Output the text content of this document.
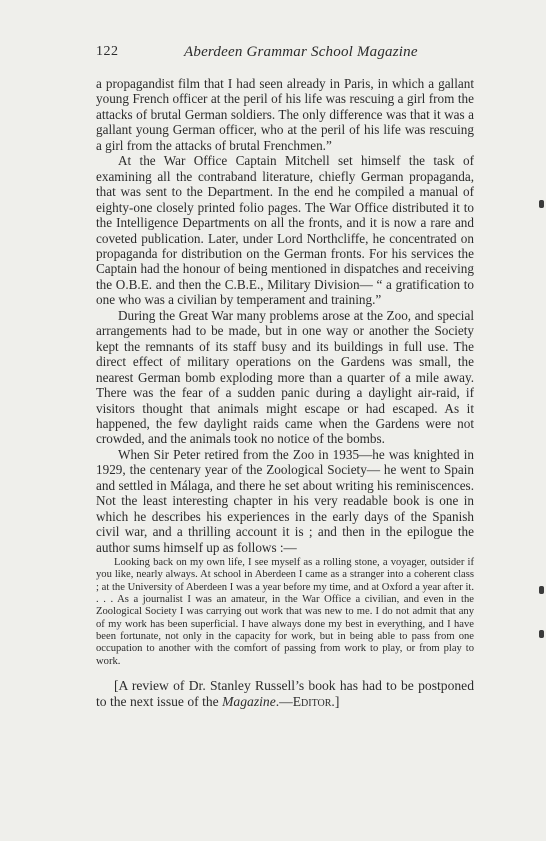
122	Aberdeen Grammar School Magazine

a propagandist film that I had seen already in Paris, in which a gallant young French officer at the peril of his life was rescuing a girl from the attacks of brutal German soldiers. The only difference was that it was a gallant young German officer, who at the peril of his life was rescuing a girl from the attacks of brutal Frenchmen.”

At the War Office Captain Mitchell set himself the task of examining all the contraband literature, chiefly German propaganda, that was sent to the Department. In the end he compiled a manual of eighty-one closely printed folio pages. The War Office distributed it to the Intelligence Departments on all the fronts, and it is now a rare and coveted publication. Later, under Lord Northcliffe, he concentrated on propaganda for distribution on the German fronts. For his services the Captain had the honour of being mentioned in dispatches and receiving the O.B.E. and then the C.B.E., Military Division— “ a gratification to one who was a civilian by temperament and training.”

During the Great War many problems arose at the Zoo, and special arrangements had to be made, but in one way or another the Society kept the remnants of its staff busy and its buildings in full use. The direct effect of military operations on the Gardens was small, the nearest German bomb exploding more than a quarter of a mile away. There was the fear of a sudden panic during a daylight air-raid, if visitors thought that animals might escape or had escaped. As it happened, the few daylight raids came when the Gardens were not crowded, and the animals took no notice of the bombs.

When Sir Peter retired from the Zoo in 1935—he was knighted in 1929, the centenary year of the Zoological Society— he went to Spain and settled in Málaga, and there he set about writing his reminiscences. Not the least interesting chapter in his very readable book is one in which he describes his experiences in the early days of the Spanish civil war, and a thrilling account it is ; and then in the epilogue the author sums himself up as follows :—

Looking back on my own life, I see myself as a rolling stone, a voyager, outsider if you like, nearly always. At school in Aberdeen I came as a stranger into a coherent class ; at the University of Aberdeen I was a year before my time, and at Oxford a year after it. . . . As a journalist I was an amateur, in the War Office a civilian, and even in the Zoological Society I was carrying out work that was new to me. I do not admit that any of my work has been superficial. I have always done my best in everything, and I have been fortunate, not only in the capacity for work, but in being able to pass from one occupation to another with the comfort of passing from work to play, or from play to work.

[A review of Dr. Stanley Russell’s book has had to be postponed to the next issue of the Magazine.—Editor.]
